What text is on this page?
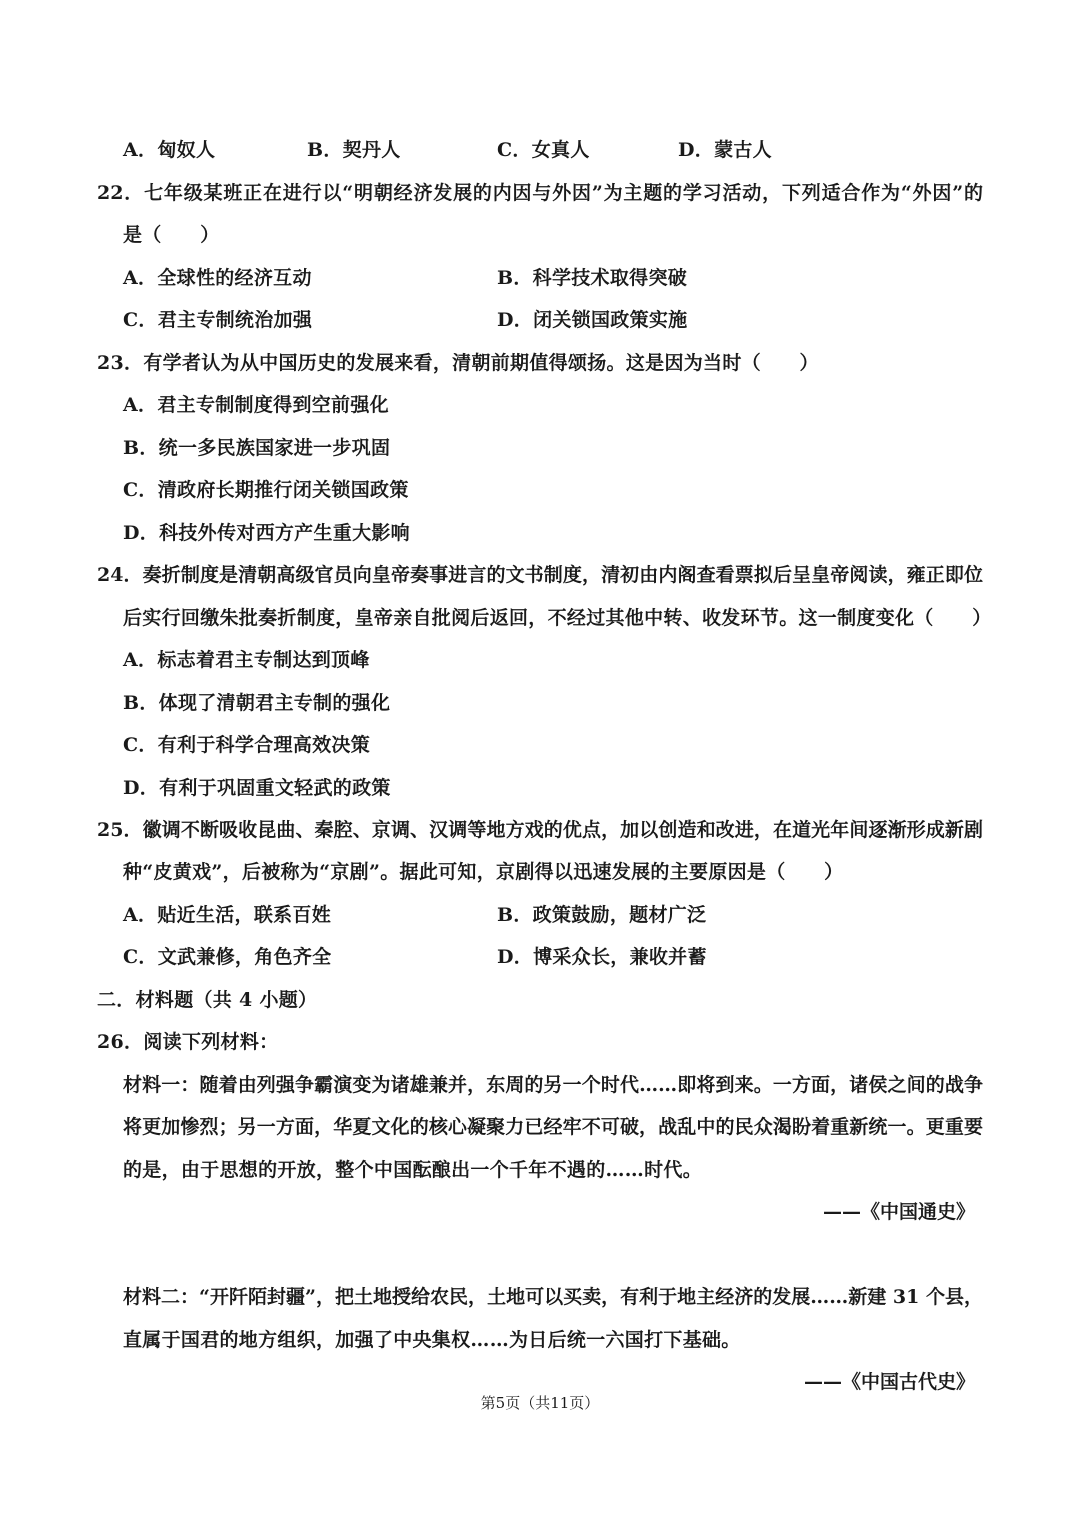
A．匈奴人	B．契丹人	C．女真人	D．蒙古人
22．七年级某班正在进行以“明朝经济发展的内因与外因”为主题的学习活动，下列适合作为“外因”的
是（　　）
A．全球性的经济互动	B．科学技术取得突破
C．君主专制统治加强	D．闭关锁国政策实施
23．有学者认为从中国历史的发展来看，清朝前期值得颂扬。这是因为当时（　　）
A．君主专制制度得到空前强化
B．统一多民族国家进一步巩固
C．清政府长期推行闭关锁国政策
D．科技外传对西方产生重大影响
24．奏折制度是清朝高级官员向皇帝奏事进言的文书制度，清初由内阁查看票拟后呈皇帝阅读，雍正即位
后实行回缴朱批奏折制度，皇帝亲自批阅后返回，不经过其他中转、收发环节。这一制度变化（　　）
A．标志着君主专制达到顶峰
B．体现了清朝君主专制的强化
C．有利于科学合理高效决策
D．有利于巩固重文轻武的政策
25．徽调不断吸收昆曲、秦腔、京调、汉调等地方戏的优点，加以创造和改进，在道光年间逐渐形成新剧
种“皮黄戏”，后被称为“京剧”。据此可知，京剧得以迅速发展的主要原因是（　　）
A．贴近生活，联系百姓	B．政策鼓励，题材广泛
C．文武兼修，角色齐全	D．博采众长，兼收并蓄
二．材料题（共 4 小题）
26．阅读下列材料：
材料一：随着由列强争霸演变为诸雄兼并，东周的另一个时代……即将到来。一方面，诸侯之间的战争
将更加惨烈；另一方面，华夏文化的核心凝聚力已经牢不可破，战乱中的民众渴盼着重新统一。更重要
的是，由于思想的开放，整个中国酝酿出一个千年不遇的……时代。
——《中国通史》
材料二：“开阡陌封疆”，把土地授给农民，土地可以买卖，有利于地主经济的发展……新建 31 个县，
直属于国君的地方组织，加强了中央集权……为日后统一六国打下基础。
——《中国古代史》
第5页（共11页）
